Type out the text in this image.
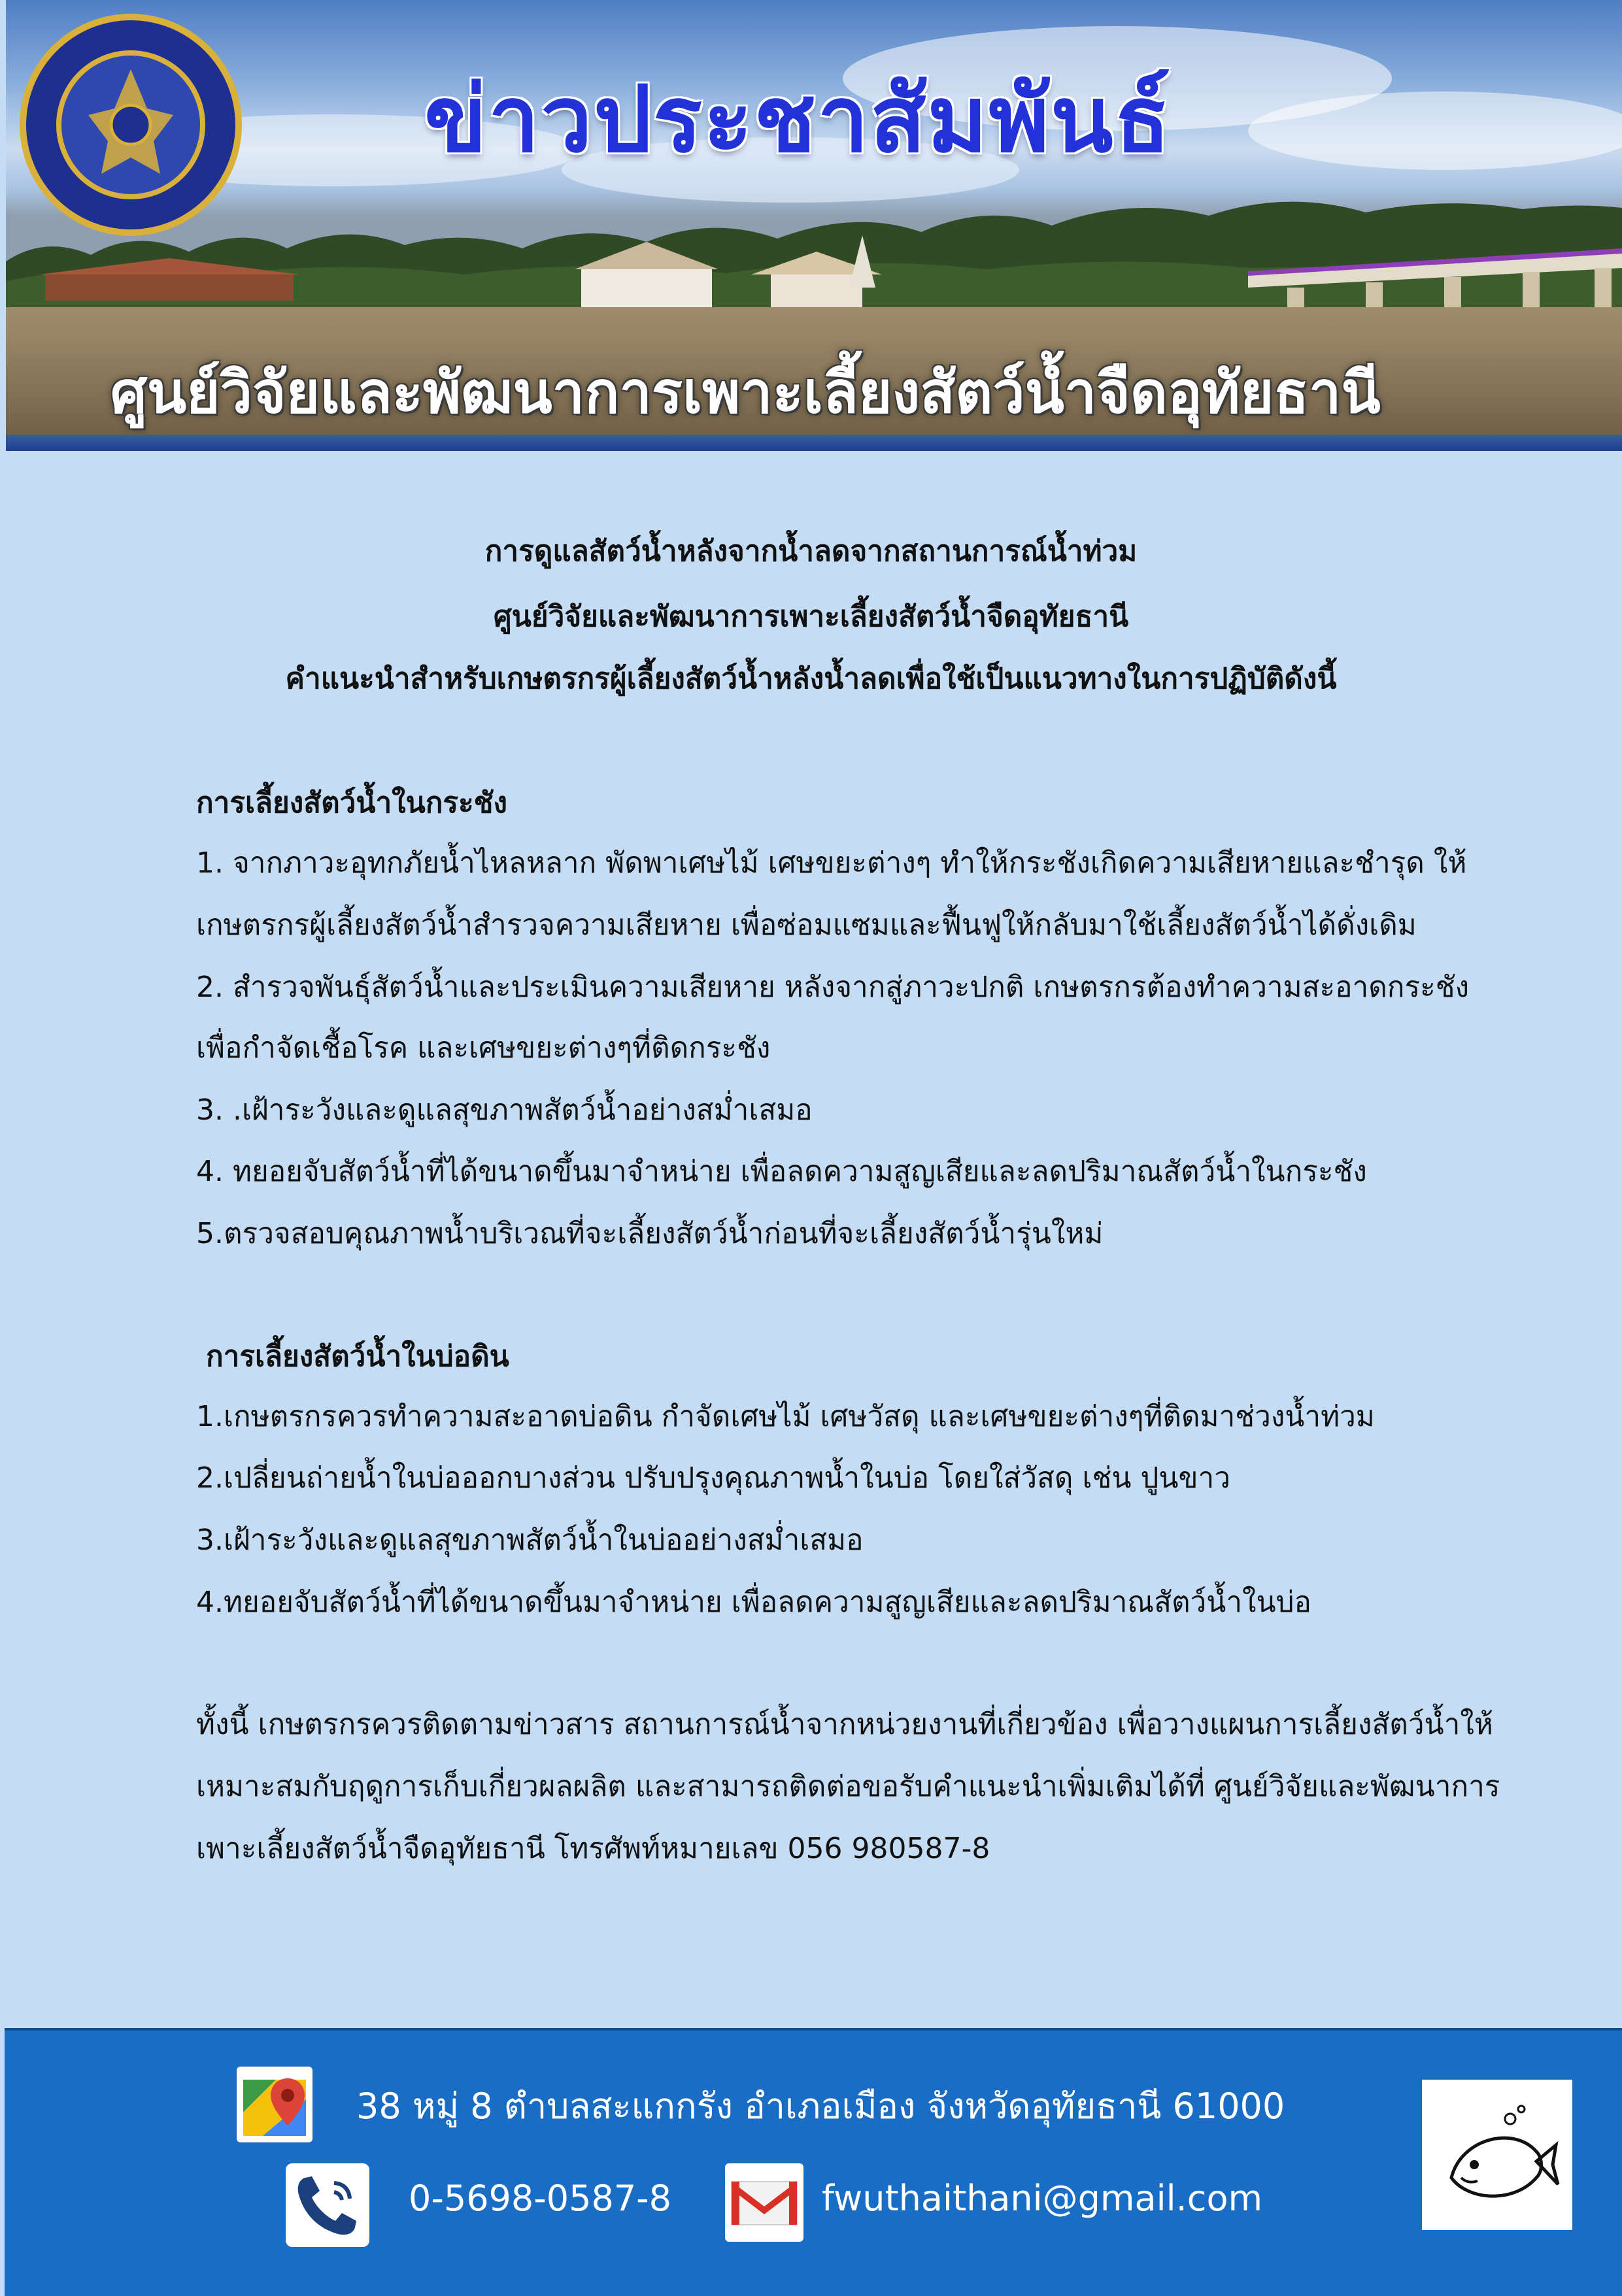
ข่าวประชาสัมพันธ์
ศูนย์วิจัยและพัฒนาการเพาะเลี้ยงสัตว์น้ำจืดอุทัยธานี
การดูแลสัตว์น้ำหลังจากน้ำลดจากสถานการณ์น้ำท่วม
ศูนย์วิจัยและพัฒนาการเพาะเลี้ยงสัตว์น้ำจืดอุทัยธานี
คำแนะนำสำหรับเกษตรกรผู้เลี้ยงสัตว์น้ำหลังน้ำลดเพื่อใช้เป็นแนวทางในการปฏิบัติดังนี้
การเลี้ยงสัตว์น้ำในกระชัง
1. จากภาวะอุทกภัยน้ำไหลหลาก พัดพาเศษไม้ เศษขยะต่างๆ ทำให้กระชังเกิดความเสียหายและชำรุด ให้
เกษตรกรผู้เลี้ยงสัตว์น้ำสำรวจความเสียหาย เพื่อซ่อมแซมและฟื้นฟูให้กลับมาใช้เลี้ยงสัตว์น้ำได้ดั่งเดิม
2. สำรวจพันธุ์สัตว์น้ำและประเมินความเสียหาย หลังจากสู่ภาวะปกติ เกษตรกรต้องทำความสะอาดกระชัง
เพื่อกำจัดเชื้อโรค และเศษขยะต่างๆที่ติดกระชัง
3. .เฝ้าระวังและดูแลสุขภาพสัตว์น้ำอย่างสม่ำเสมอ
4. ทยอยจับสัตว์น้ำที่ได้ขนาดขึ้นมาจำหน่าย เพื่อลดความสูญเสียและลดปริมาณสัตว์น้ำในกระชัง
5.ตรวจสอบคุณภาพน้ำบริเวณที่จะเลี้ยงสัตว์น้ำก่อนที่จะเลี้ยงสัตว์น้ำรุ่นใหม่
การเลี้ยงสัตว์น้ำในบ่อดิน
1.เกษตรกรควรทำความสะอาดบ่อดิน กำจัดเศษไม้ เศษวัสดุ และเศษขยะต่างๆที่ติดมาช่วงน้ำท่วม
2.เปลี่ยนถ่ายน้ำในบ่อออกบางส่วน ปรับปรุงคุณภาพน้ำในบ่อ โดยใส่วัสดุ เช่น ปูนขาว
3.เฝ้าระวังและดูแลสุขภาพสัตว์น้ำในบ่ออย่างสม่ำเสมอ
4.ทยอยจับสัตว์น้ำที่ได้ขนาดขึ้นมาจำหน่าย เพื่อลดความสูญเสียและลดปริมาณสัตว์น้ำในบ่อ
ทั้งนี้ เกษตรกรควรติดตามข่าวสาร สถานการณ์น้ำจากหน่วยงานที่เกี่ยวข้อง เพื่อวางแผนการเลี้ยงสัตว์น้ำให้
เหมาะสมกับฤดูการเก็บเกี่ยวผลผลิต และสามารถติดต่อขอรับคำแนะนำเพิ่มเติมได้ที่ ศูนย์วิจัยและพัฒนาการ
เพาะเลี้ยงสัตว์น้ำจืดอุทัยธานี โทรศัพท์หมายเลข 056 980587-8
38 หมู่ 8 ตำบลสะแกกรัง อำเภอเมือง จังหวัดอุทัยธานี 61000
0-5698-0587-8	fwuthaithani@gmail.com
